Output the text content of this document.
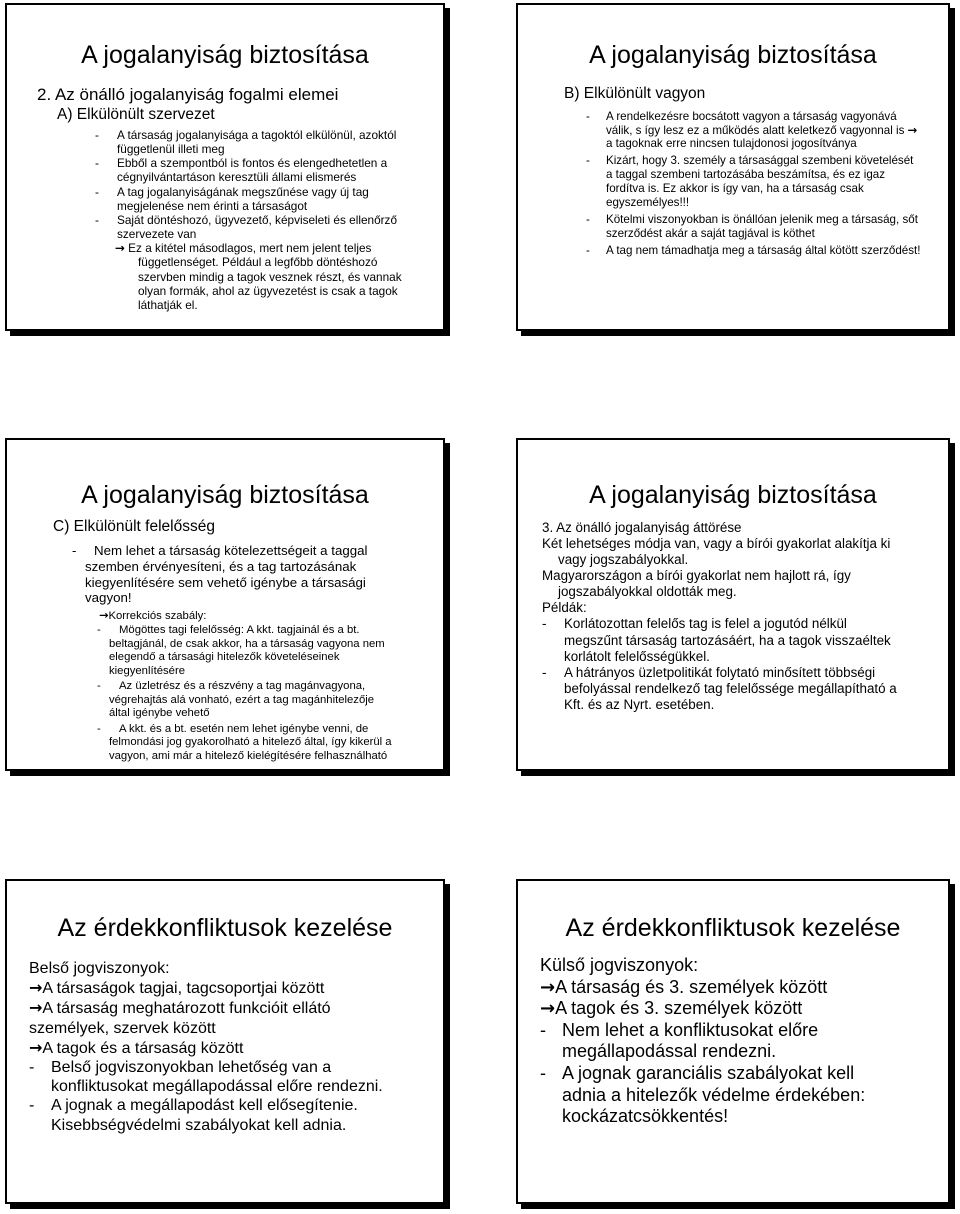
A jogalanyiság biztosítása
2. Az önálló jogalanyiság fogalmi elemei
A) Elkülönült szervezet
- A társaság jogalanyisága a tagoktól elkülönül, azoktól
függetlenül illeti meg
- Ebből a szempontból is fontos és elengedhetetlen a
cégnyilvántartáson keresztüli állami elismerés
- A tag jogalanyiságának megszűnése vagy új tag
megjelenése nem érinti a társaságot
- Saját döntéshozó, ügyvezető, képviseleti és ellenőrző
szervezete van
→ Ez a kitétel másodlagos, mert nem jelent teljes
függetlenséget. Például a legfőbb döntéshozó
szervben mindig a tagok vesznek részt, és vannak
olyan formák, ahol az ügyvezetést is csak a tagok
láthatják el.
A jogalanyiság biztosítása
B) Elkülönült vagyon
- A rendelkezésre bocsátott vagyon a társaság vagyonává
válik, s így lesz ez a működés alatt keletkező vagyonnal is →
a tagoknak erre nincsen tulajdonosi jogosítványa
- Kizárt, hogy 3. személy a társasággal szembeni követelését
a taggal szembeni tartozásába beszámítsa, és ez igaz
fordítva is. Ez akkor is így van, ha a társaság csak
egyszemélyes!!!
- Kötelmi viszonyokban is önállóan jelenik meg a társaság, sőt
szerződést akár a saját tagjával is köthet
- A tag nem támadhatja meg a társaság által kötött szerződést!
A jogalanyiság biztosítása
C) Elkülönült felelősség
- Nem lehet a társaság kötelezettségeit a taggal
szemben érvényesíteni, és a tag tartozásának
kiegyenlítésére sem vehető igénybe a társasági
vagyon!
→Korrekciós szabály:
- Mögöttes tagi felelősség: A kkt. tagjainál és a bt.
beltagjánál, de csak akkor, ha a társaság vagyona nem
elegendő a társasági hitelezők követeléseinek
kiegyenlítésére
- Az üzletrész és a részvény a tag magánvagyona,
végrehajtás alá vonható, ezért a tag magánhitelezője
által igénybe vehető
- A kkt. és a bt. esetén nem lehet igénybe venni, de
felmondási jog gyakorolható a hitelező által, így kikerül a
vagyon, ami már a hitelező kielégítésére felhasználható
A jogalanyiság biztosítása
3. Az önálló jogalanyiság áttörése
Két lehetséges módja van, vagy a bírói gyakorlat alakítja ki
vagy jogszabályokkal.
Magyarországon a bírói gyakorlat nem hajlott rá, így
jogszabályokkal oldották meg.
Példák:
- Korlátozottan felelős tag is felel a jogutód nélkül
megszűnt társaság tartozásáért, ha a tagok visszaéltek
korlátolt felelősségükkel.
- A hátrányos üzletpolitikát folytató minősített többségi
befolyással rendelkező tag felelőssége megállapítható a
Kft. és az Nyrt. esetében.
Az érdekkonfliktusok kezelése
Belső jogviszonyok:
→A társaságok tagjai, tagcsoportjai között
→A társaság meghatározott funkcióit ellátó
személyek, szervek között
→A tagok és a társaság között
- Belső jogviszonyokban lehetőség van a
konfliktusokat megállapodással előre rendezni.
- A jognak a megállapodást kell elősegítenie.
Kisebbségvédelmi szabályokat kell adnia.
Az érdekkonfliktusok kezelése
Külső jogviszonyok:
→A társaság és 3. személyek között
→A tagok és 3. személyek között
- Nem lehet a konfliktusokat előre
megállapodással rendezni.
- A jognak garanciális szabályokat kell
adnia a hitelezők védelme érdekében:
kockázatcsökkentés!
